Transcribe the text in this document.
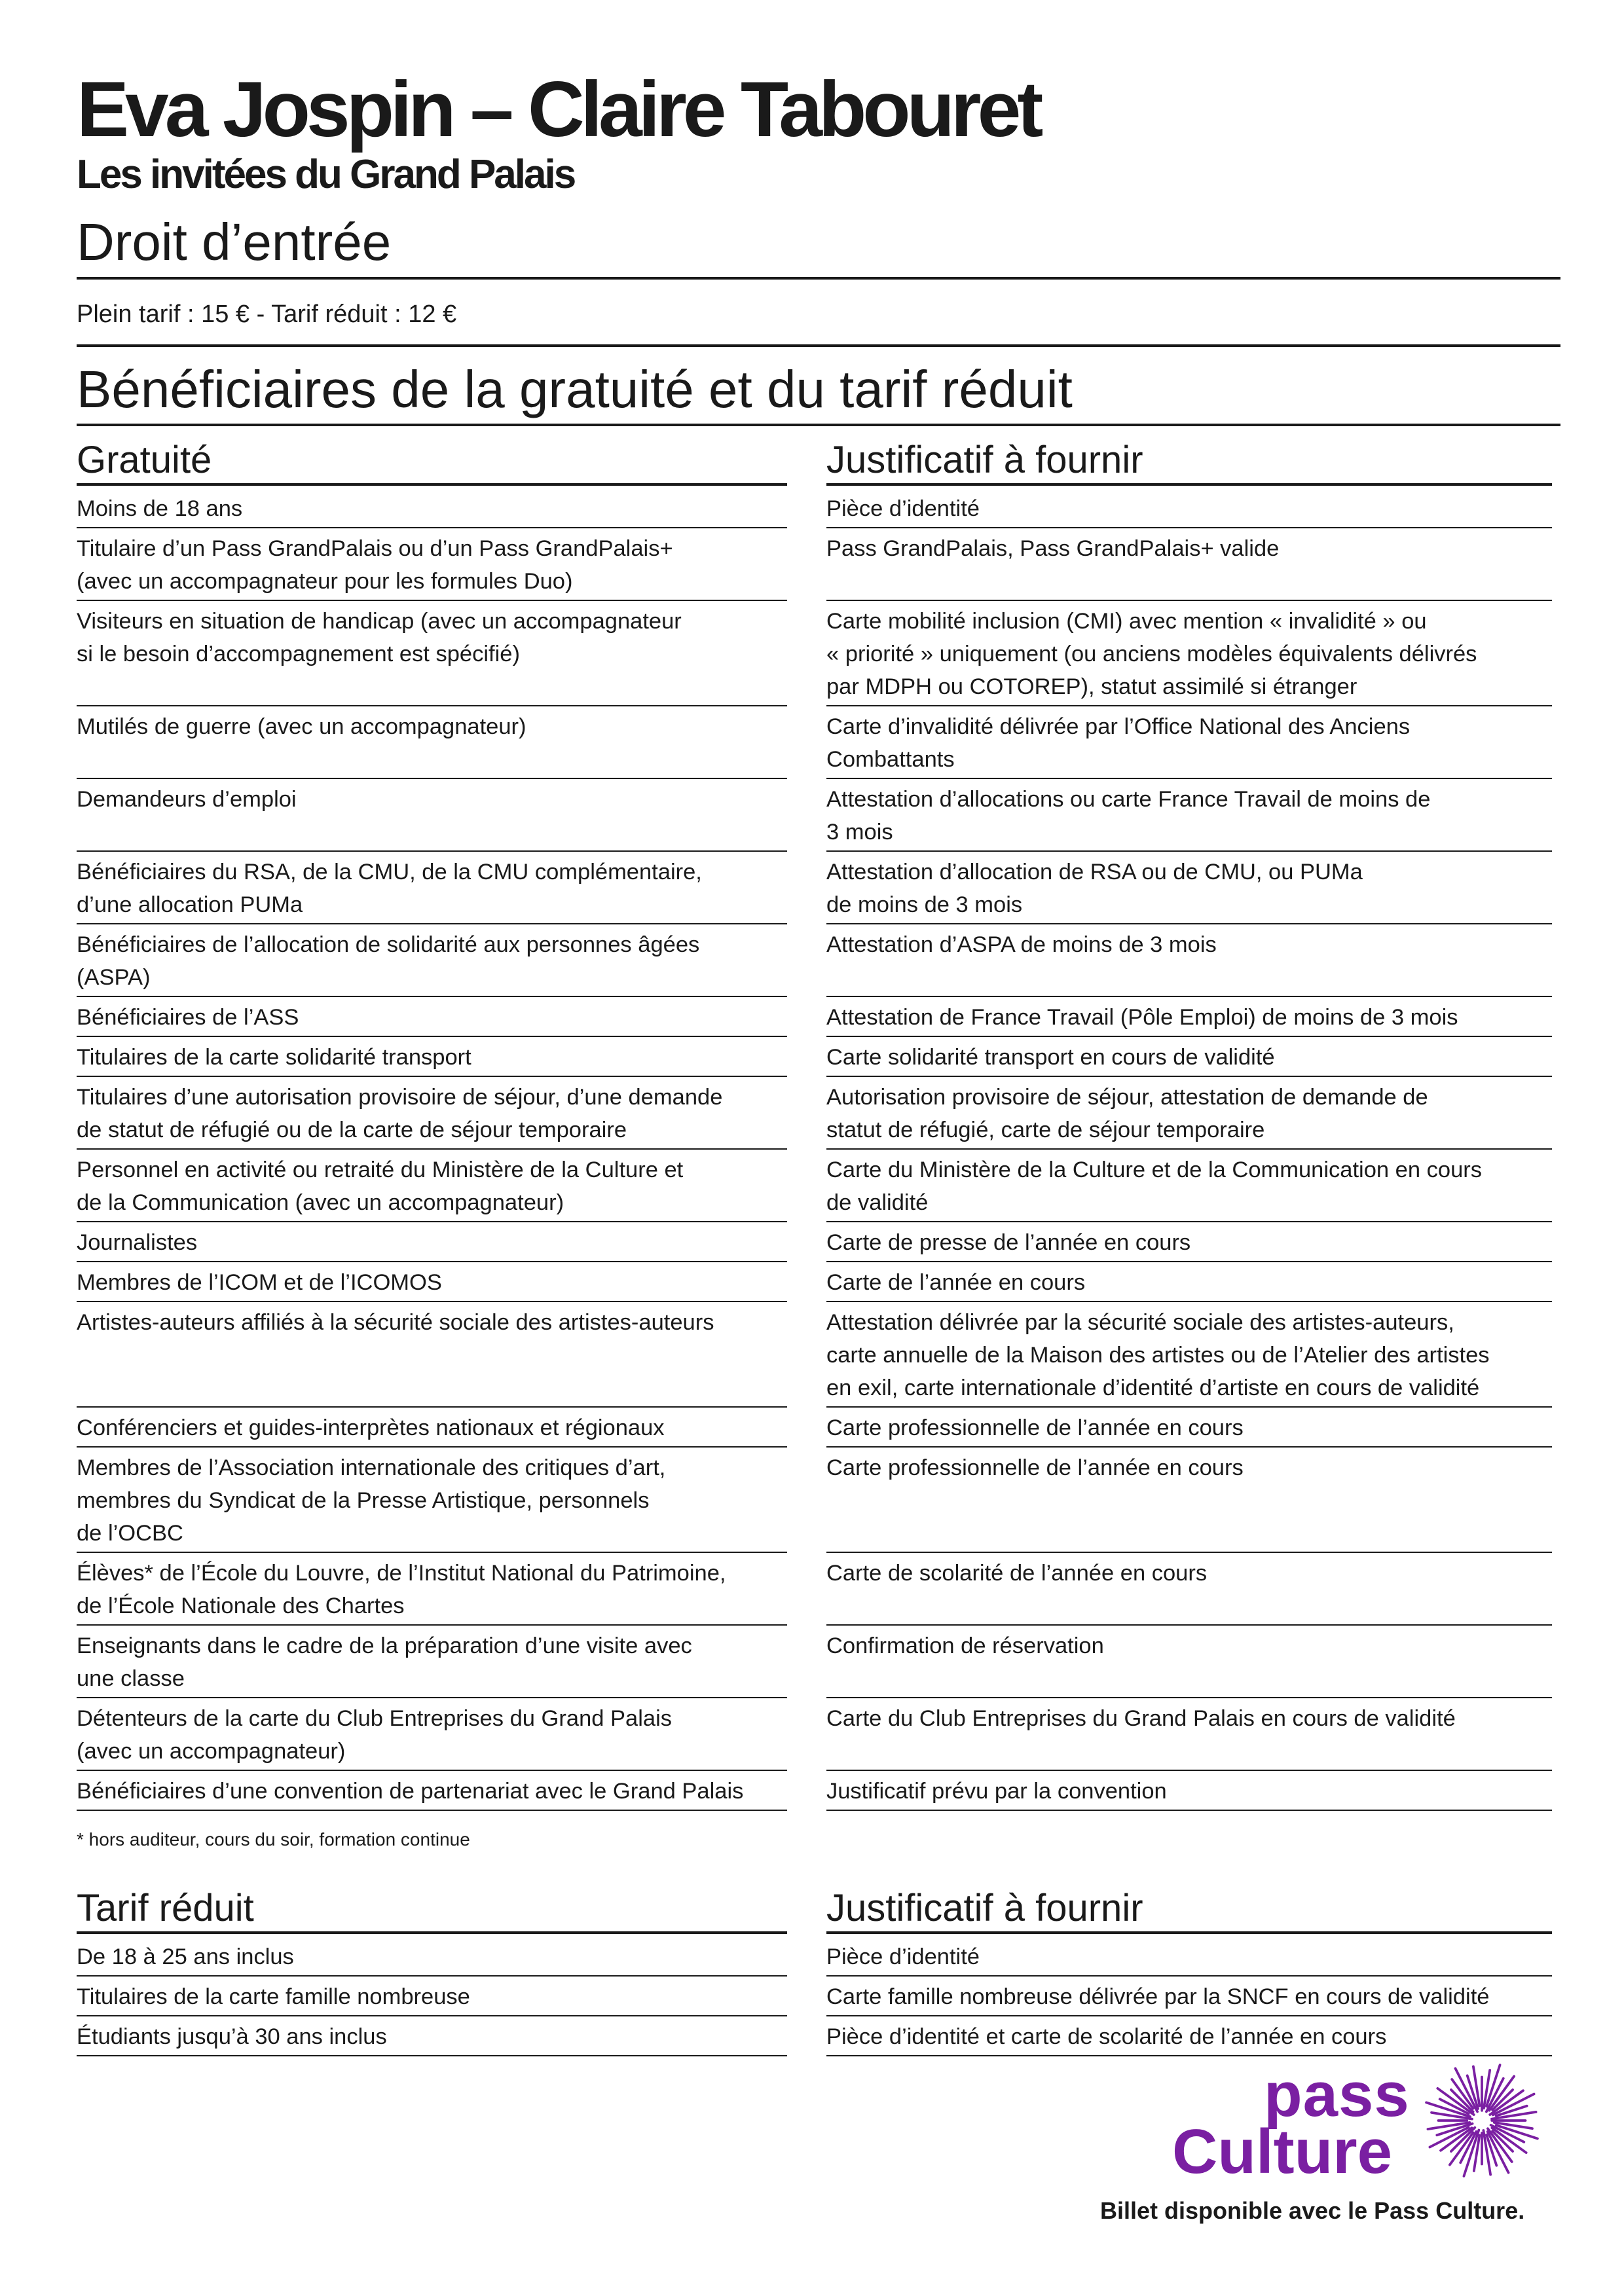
Eva Jospin – Claire Tabouret
Les invitées du Grand Palais
Droit d’entrée
Plein tarif : 15 € - Tarif réduit : 12 €
Bénéficiaires de la gratuité et du tarif réduit
Gratuité	Justificatif à fournir
Moins de 18 ans
Titulaire d’un Pass GrandPalais ou d’un Pass GrandPalais+
(avec un accompagnateur pour les formules Duo)
Visiteurs en situation de handicap (avec un accompagnateur
si le besoin d’accompagnement est spécifié)
Mutilés de guerre (avec un accompagnateur)
Demandeurs d’emploi
Bénéficiaires du RSA, de la CMU, de la CMU complémentaire,
d’une allocation PUMa
Bénéficiaires de l’allocation de solidarité aux personnes âgées
(ASPA)
Bénéficiaires de l’ASS
Titulaires de la carte solidarité transport
Titulaires d’une autorisation provisoire de séjour, d’une demande
de statut de réfugié ou de la carte de séjour temporaire
Personnel en activité ou retraité du Ministère de la Culture et
de la Communication (avec un accompagnateur)
Journalistes
Membres de l’ICOM et de l’ICOMOS
Artistes-auteurs affiliés à la sécurité sociale des artistes-auteurs
Conférenciers et guides-interprètes nationaux et régionaux
Membres de l’Association internationale des critiques d’art,
membres du Syndicat de la Presse Artistique, personnels
de l’OCBC
Élèves* de l’École du Louvre, de l’Institut National du Patrimoine,
de l’École Nationale des Chartes
Enseignants dans le cadre de la préparation d’une visite avec
une classe
Détenteurs de la carte du Club Entreprises du Grand Palais
(avec un accompagnateur)
Bénéficiaires d’une convention de partenariat avec le Grand Palais
Pièce d’identité
Pass GrandPalais, Pass GrandPalais+ valide
Carte mobilité inclusion (CMI) avec mention « invalidité » ou
« priorité » uniquement (ou anciens modèles équivalents délivrés
par MDPH ou COTOREP), statut assimilé si étranger
Carte d’invalidité délivrée par l’Office National des Anciens
Combattants
Attestation d’allocations ou carte France Travail de moins de
3 mois
Attestation d’allocation de RSA ou de CMU, ou PUMa
de moins de 3 mois
Attestation d’ASPA de moins de 3 mois
Attestation de France Travail (Pôle Emploi) de moins de 3 mois
Carte solidarité transport en cours de validité
Autorisation provisoire de séjour, attestation de demande de
statut de réfugié, carte de séjour temporaire
Carte du Ministère de la Culture et de la Communication en cours
de validité
Carte de presse de l’année en cours
Carte de l’année en cours
Attestation délivrée par la sécurité sociale des artistes-auteurs,
carte annuelle de la Maison des artistes ou de l’Atelier des artistes
en exil, carte internationale d’identité d’artiste en cours de validité
Carte professionnelle de l’année en cours
Carte professionnelle de l’année en cours
Carte de scolarité de l’année en cours
Confirmation de réservation
Carte du Club Entreprises du Grand Palais en cours de validité
Justificatif prévu par la convention
* hors auditeur, cours du soir, formation continue
Tarif réduit	Justificatif à fournir
De 18 à 25 ans inclus
Titulaires de la carte famille nombreuse
Étudiants jusqu’à 30 ans inclus
Pièce d’identité
Carte famille nombreuse délivrée par la SNCF en cours de validité
Pièce d’identité et carte de scolarité de l’année en cours
pass
Culture
Billet disponible avec le Pass Culture.
